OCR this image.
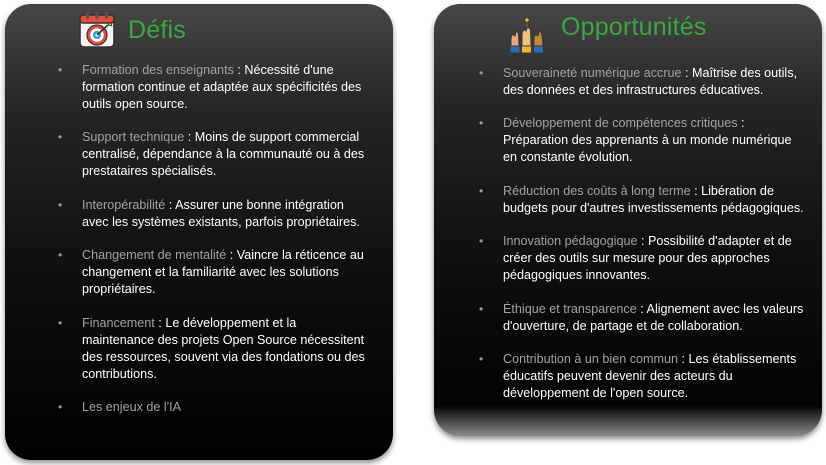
Défis
• Formation des enseignants : Nécessité d'une formation continue et adaptée aux spécificités des outils open source.
• Support technique : Moins de support commercial centralisé, dépendance à la communauté ou à des prestataires spécialisés.
• Interopérabilité : Assurer une bonne intégration avec les systèmes existants, parfois propriétaires.
• Changement de mentalité : Vaincre la réticence au changement et la familiarité avec les solutions propriétaires.
• Financement : Le développement et la maintenance des projets Open Source nécessitent des ressources, souvent via des fondations ou des contributions.
• Les enjeux de l'IA
Opportunités
• Souveraineté numérique accrue : Maîtrise des outils, des données et des infrastructures éducatives.
• Développement de compétences critiques : Préparation des apprenants à un monde numérique en constante évolution.
• Réduction des coûts à long terme : Libération de budgets pour d'autres investissements pédagogiques.
• Innovation pédagogique : Possibilité d'adapter et de créer des outils sur mesure pour des approches pédagogiques innovantes.
• Éthique et transparence : Alignement avec les valeurs d'ouverture, de partage et de collaboration.
• Contribution à un bien commun : Les établissements éducatifs peuvent devenir des acteurs du développement de l'open source.
